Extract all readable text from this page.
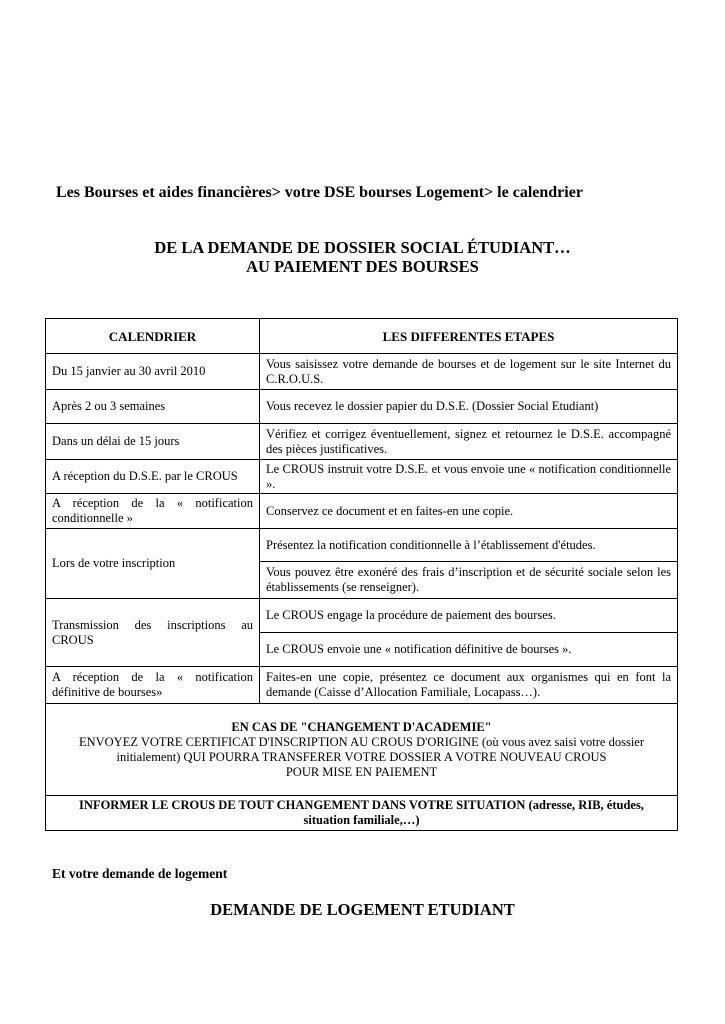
Les Bourses et aides financières> votre DSE bourses Logement> le calendrier
DE LA DEMANDE DE DOSSIER SOCIAL ÉTUDIANT…
AU PAIEMENT DES BOURSES
CALENDRIER	LES DIFFERENTES ETAPES
Du 15 janvier au 30 avril 2010	Vous saisissez votre demande de bourses et de logement sur le site Internet du C.R.O.U.S.
Après 2 ou 3 semaines	Vous recevez le dossier papier du D.S.E. (Dossier Social Etudiant)
Dans un délai de 15 jours	Vérifiez et corrigez éventuellement, signez et retournez le D.S.E. accompagné des pièces justificatives.
A réception du D.S.E. par le CROUS	Le CROUS instruit votre D.S.E. et vous envoie une « notification conditionnelle ».
A réception de la « notification conditionnelle »	Conservez ce document et en faites-en une copie.
Lors de votre inscription	Présentez la notification conditionnelle à l’établissement d'études.
	Vous pouvez être exonéré des frais d’inscription et de sécurité sociale selon les établissements (se renseigner).
Transmission des inscriptions au CROUS	Le CROUS engage la procédure de paiement des bourses.
	Le CROUS envoie une « notification définitive de bourses ».
A réception de la « notification définitive de bourses»	Faites-en une copie, présentez ce document aux organismes qui en font la demande (Caisse d’Allocation Familiale, Locapass…).

EN CAS DE "CHANGEMENT D'ACADEMIE"
ENVOYEZ VOTRE CERTIFICAT D'INSCRIPTION AU CROUS D'ORIGINE (où vous avez saisi votre dossier
initialement) QUI POURRA TRANSFERER VOTRE DOSSIER A VOTRE NOUVEAU CROUS
POUR MISE EN PAIEMENT	

INFORMER LE CROUS DE TOUT CHANGEMENT DANS VOTRE SITUATION (adresse, RIB, études,
situation familiale,…)	
Et votre demande de logement
DEMANDE DE LOGEMENT ETUDIANT
